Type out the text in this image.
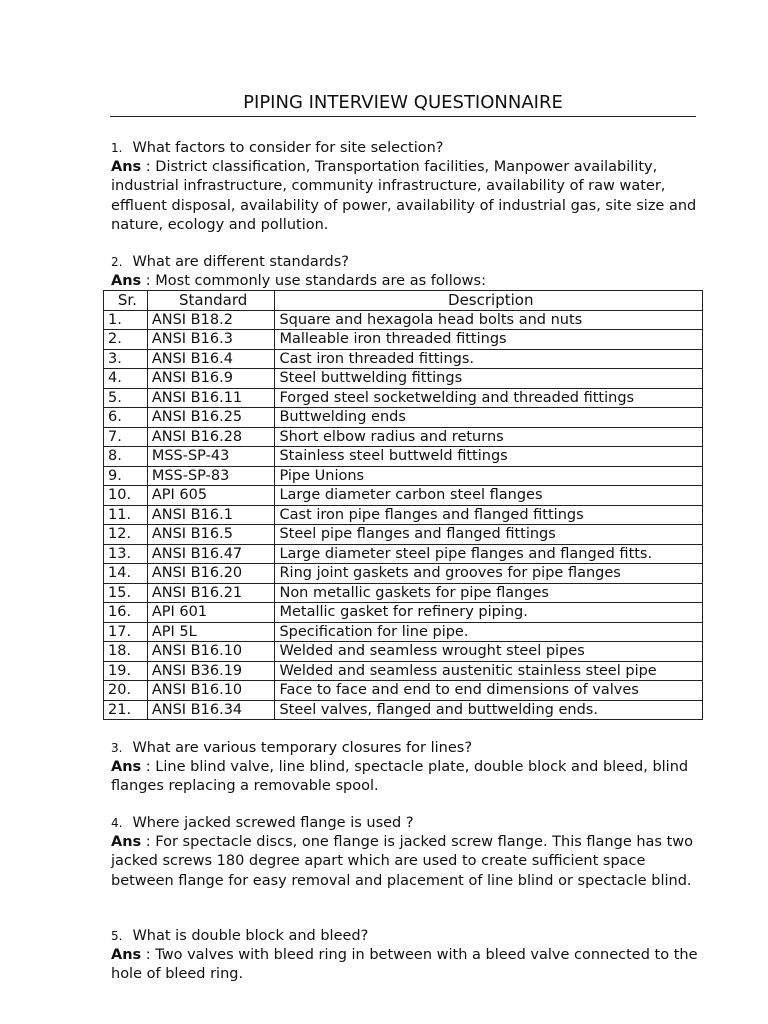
PIPING INTERVIEW QUESTIONNAIRE
1. What factors to consider for site selection?

Ans : District classification, Transportation facilities, Manpower availability, industrial infrastructure, community infrastructure, availability of raw water, effluent disposal, availability of power, availability of industrial gas, site size and nature, ecology and pollution.

2. What are different standards?

Ans : Most commonly use standards are as follows:

Sr.	Standard	Description
1.	ANSI B18.2	Square and hexagola head bolts and nuts
2.	ANSI B16.3	Malleable iron threaded fittings
3.	ANSI B16.4	Cast iron threaded fittings.
4.	ANSI B16.9	Steel buttwelding fittings
5.	ANSI B16.11	Forged steel socketwelding and threaded fittings
6.	ANSI B16.25	Buttwelding ends
7.	ANSI B16.28	Short elbow radius and returns
8.	MSS-SP-43	Stainless steel buttweld fittings
9.	MSS-SP-83	Pipe Unions
10.	API 605	Large diameter carbon steel flanges
11.	ANSI B16.1	Cast iron pipe flanges and flanged fittings
12.	ANSI B16.5	Steel pipe flanges and flanged fittings
13.	ANSI B16.47	Large diameter steel pipe flanges and flanged fitts.
14.	ANSI B16.20	Ring joint gaskets and grooves for pipe flanges
15.	ANSI B16.21	Non metallic gaskets for pipe flanges
16.	API 601	Metallic gasket for refinery piping.
17.	API 5L	Specification for line pipe.
18.	ANSI B16.10	Welded and seamless wrought steel pipes
19.	ANSI B36.19	Welded and seamless austenitic stainless steel pipe
20.	ANSI B16.10	Face to face and end to end dimensions of valves
21.	ANSI B16.34	Steel valves, flanged and buttwelding ends.
3. What are various temporary closures for lines?

Ans : Line blind valve, line blind, spectacle plate, double block and bleed, blind flanges replacing a removable spool.

4. Where jacked screwed flange is used ?

Ans : For spectacle discs, one flange is jacked screw flange. This flange has two jacked screws 180 degree apart which are used to create sufficient space between flange for easy removal and placement of line blind or spectacle blind.

5. What is double block and bleed?

Ans : Two valves with bleed ring in between with a bleed valve connected to the hole of bleed ring.
